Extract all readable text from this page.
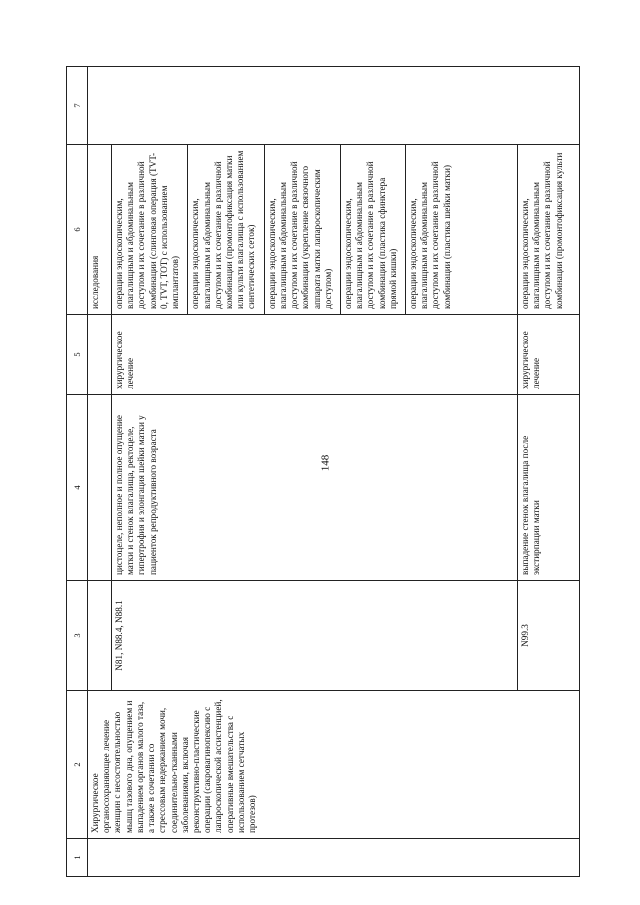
148
1	2	3	4	5	6	7
	Хирургическое органосохраняющее лечение женщин с несостоятельностью мышц тазового дна, опущением и выпадением органов малого таза, а также в сочетании со стрессовым недержанием мочи, соединительно-тканными заболеваниями, включая реконструктивно-пластические операции (сакровагинопексию с лапароскопической ассистенцией, оперативные вмешательства с использованием сетчатых протезов)				исследования	
		N81, N88.4, N88.1	цистоцеле, неполное и полное опущение матки и стенок влагалища, ректоцеле, гипертрофия и элонгация шейки матки у пациенток репродуктивного возраста	хирургическое лечение	операции эндоскопическим, влагалищным и абдоминальным доступом и их сочетание в различной комбинации (слинговая операция (TVT-0, TVT, TOT) с использованием имплантатов) операции эндоскопическим, влагалищным и абдоминальным доступом и их сочетание в различной комбинации (промонтофиксация матки или культи влагалища с использованием синтетических сеток) операции эндоскопическим, влагалищным и абдоминальным доступом и их сочетание в различной комбинации (укрепление связочного аппарата матки лапароскопическим доступом) операции эндоскопическим, влагалищным и абдоминальным доступом и их сочетание в различной комбинации (пластика сфинктера прямой кишки) операции эндоскопическим, влагалищным и абдоминальным доступом и их сочетание в различной комбинации (пластика шейки матки)	

		N99.3	выпадение стенок влагалища после экстирпации матки	хирургическое лечение	операции эндоскопическим, влагалищным и абдоминальным доступом и их сочетание в различной комбинации (промонтофиксация культи	
